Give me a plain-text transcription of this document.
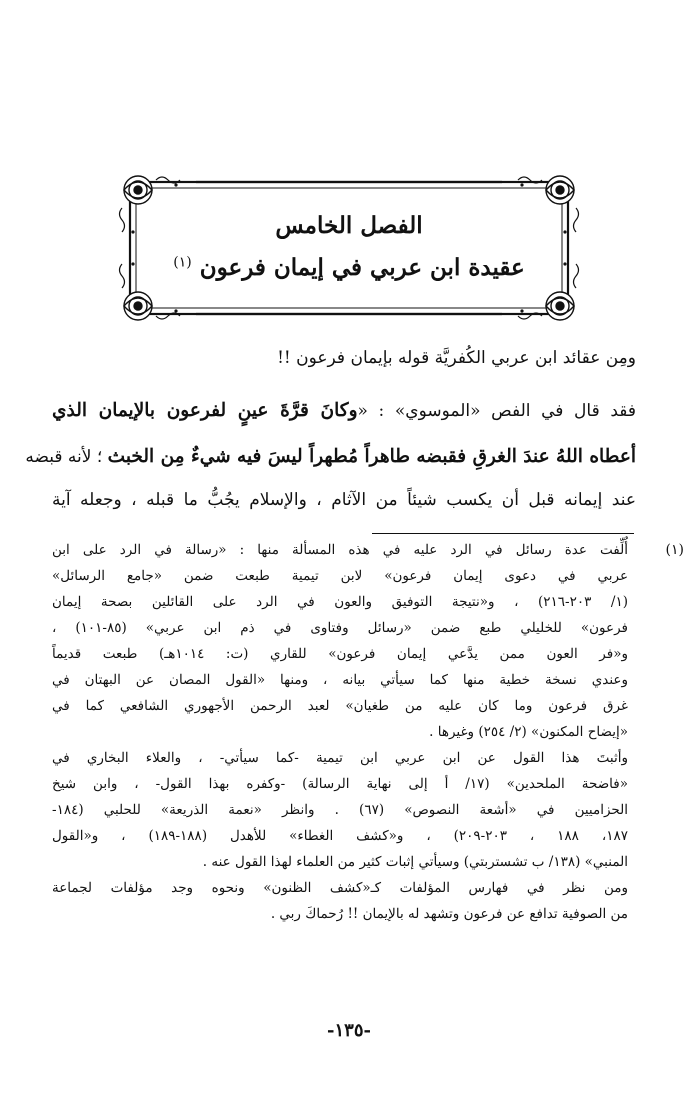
الفصل الخامس
عقيدة ابن عربي في إيمان فرعون $^{(١)}$
ومِن عقائد ابن عربي الكُفريَّة قوله بإيمان فرعون !!
فقد قال في الفص «الموسوي» : «وكانَ قرَّةَ عينٍ لفرعون بالإيمان الذي
أعطاه اللهُ عندَ الغرقِ فقبضه طاهراً مُطهراً ليسَ فيه شيءٌ مِن الخبث ؛ لأنه قبضه
عند إيمانه قبل أن يكسب شيئاً من الآثام ، والإسلام يجُبُّ ما قبله ، وجعله آية
(١)
أُلِّفت عدة رسائل في الرد عليه في هذه المسألة منها : «رسالة في الرد على ابن
عربي في دعوى إيمان فرعون» لابن تيمية طبعت ضمن «جامع الرسائل»
(١/ ٢٠٣-٢١٦) ، و«نتيجة التوفيق والعون في الرد على القائلين بصحة إيمان
فرعون» للخليلي طبع ضمن «رسائل وفتاوى في ذم ابن عربي» (٨٥-١٠١) ،
و«فر العون ممن يدَّعي إيمان فرعون» للقاري (ت: ١٠١٤هـ) طبعت قديماً
وعندي نسخة خطية منها كما سيأتي بيانه ، ومنها «القول المصان عن البهتان في
غرق فرعون وما كان عليه من طغيان» لعبد الرحمن الأجهوري الشافعي كما في
«إيضاح المكنون» (٢/ ٢٥٤) وغيرها .
وأثبتَ هذا القول عن ابن عربي ابن تيمية -كما سيأتي- ، والعلاء البخاري في
«فاضحة الملحدين» (١٧/ أ إلى نهاية الرسالة) -وكفره بهذا القول- ، وابن شيخ
الحزاميين في «أشعة النصوص» (٦٧) . وانظر «نعمة الذريعة» للحلبي (١٨٤-
١٨٧، ١٨٨ ، ٢٠٣-٢٠٩) ، و«كشف الغطاء» للأهدل (١٨٨-١٨٩) ، و«القول
المنبي» (١٣٨/ ب تشستربتي) وسيأتي إثبات كثير من العلماء لهذا القول عنه .
ومن نظر في فهارس المؤلفات كـ«كشف الظنون» ونحوه وجد مؤلفات لجماعة
من الصوفية تدافع عن فرعون وتشهد له بالإيمان !! رُحماكَ ربي .
-١٣٥-
